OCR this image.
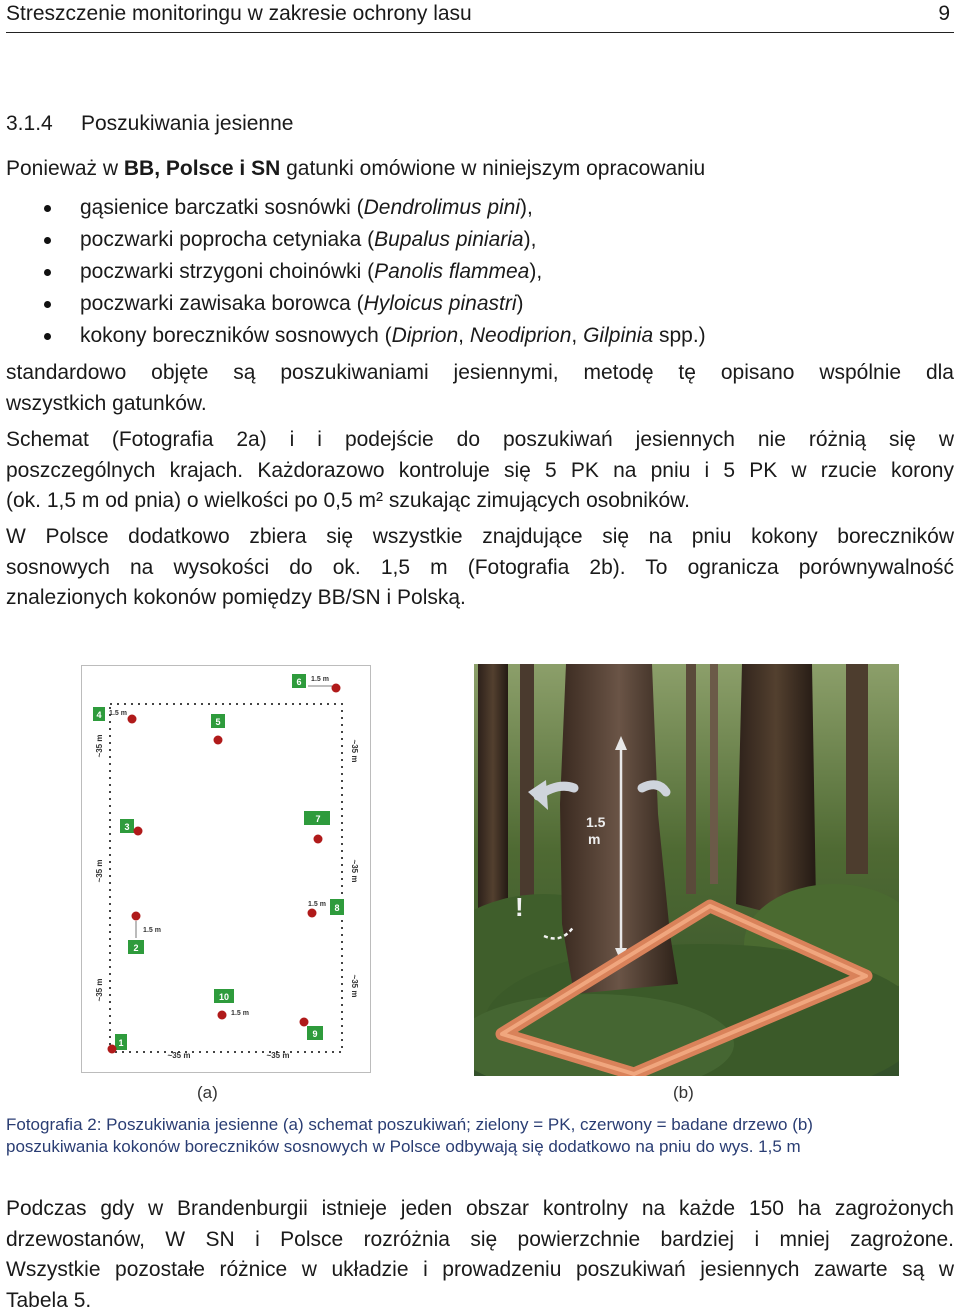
Streszczenie monitoringu w zakresie ochrony lasu	9
3.1.4 Poszukiwania jesienne
Ponieważ w BB, Polsce i SN gatunki omówione w niniejszym opracowaniu
gąsienice barczatki sosnówki (Dendrolimus pini),
poczwarki poprocha cetyniaka (Bupalus piniaria),
poczwarki strzygoni choinówki (Panolis flammea),
poczwarki zawisaka borowca (Hyloicus pinastri)
kokony boreczników sosnowych (Diprion, Neodiprion, Gilpinia spp.)
standardowo objęte są poszukiwaniami jesiennymi, metodę tę opisano wspólnie dla
wszystkich gatunków.
Schemat (Fotografia 2a) i i podejście do poszukiwań jesiennych nie różnią się w
poszczególnych krajach. Każdorazowo kontroluje się 5 PK na pniu i 5 PK w rzucie korony
(ok. 1,5 m od pnia) o wielkości po 0,5 m² szukając zimujących osobników.
W Polsce dodatkowo zbiera się wszystkie znajdujące się na pniu kokony boreczników
sosnowych na wysokości do ok. 1,5 m (Fotografia 2b). To ogranicza porównywalność
znalezionych kokonów pomiędzy BB/SN i Polską.
~35 m
~35 m
~35 m
~35 m
~35 m
~35 m
~35 m	~35 m
6 1.5 m
4 1.5 m
5
3
7
8
1.5 m
1.5 m
2
10
1.5 m
9
1
1.5
m
!
(a)	(b)
Fotografia 2: Poszukiwania jesienne (a) schemat poszukiwań; zielony = PK, czerwony = badane drzewo (b)
poszukiwania kokonów boreczników sosnowych w Polsce odbywają się dodatkowo na pniu do wys. 1,5 m
Podczas gdy w Brandenburgii istnieje jeden obszar kontrolny na każde 150 ha zagrożonych
drzewostanów, W SN i Polsce rozróżnia się powierzchnie bardziej i mniej zagrożone.
Wszystkie pozostałe różnice w układzie i prowadzeniu poszukiwań jesiennych zawarte są w
Tabela 5.
